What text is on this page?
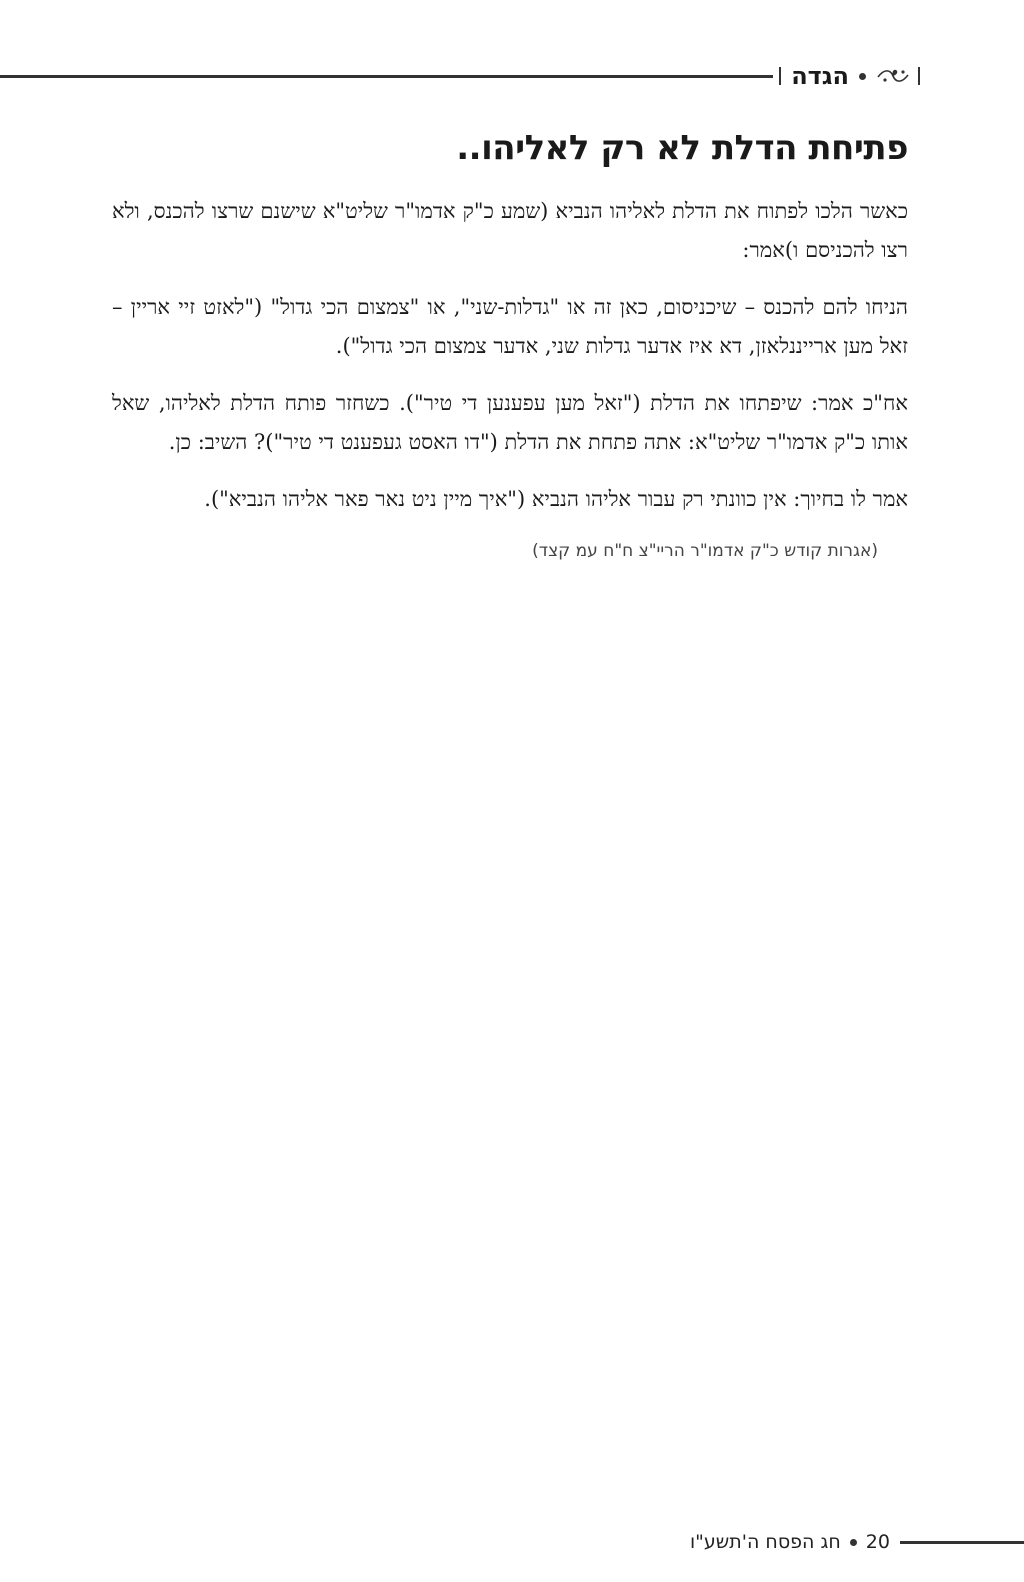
הגדה
פתיחת הדלת לא רק לאליהו..

כאשר הלכו לפתוח את הדלת לאליהו הנביא (שמע כ"ק אדמו"ר שליט"א שישנם שרצו להכנס, ולא רצו להכניסם ו)אמר:

הניחו להם להכנס – שיכניסום, כאן זה או "גדלות-שני", או "צמצום הכי גדול" ("לאזט זיי אריין – זאל מען ארייננלאזן, דא איז אדער גדלות שני, אדער צמצום הכי גדול").

אח"כ אמר: שיפתחו את הדלת ("זאל מען עפענען די טיר"). כשחזר פותח הדלת לאליהו, שאל אותו כ"ק אדמו"ר שליט"א: אתה פתחת את הדלת ("דו האסט געפענט די טיר")? השיב: כן.

אמר לו בחיוך: אין כוונתי רק עבור אליהו הנביא ("איך מיין ניט נאר פאר אליהו הנביא").

(אגרות קודש כ"ק אדמו"ר הריי"צ ח"ח עמ קצד)
חג הפסח ה'תשע"ו 20
